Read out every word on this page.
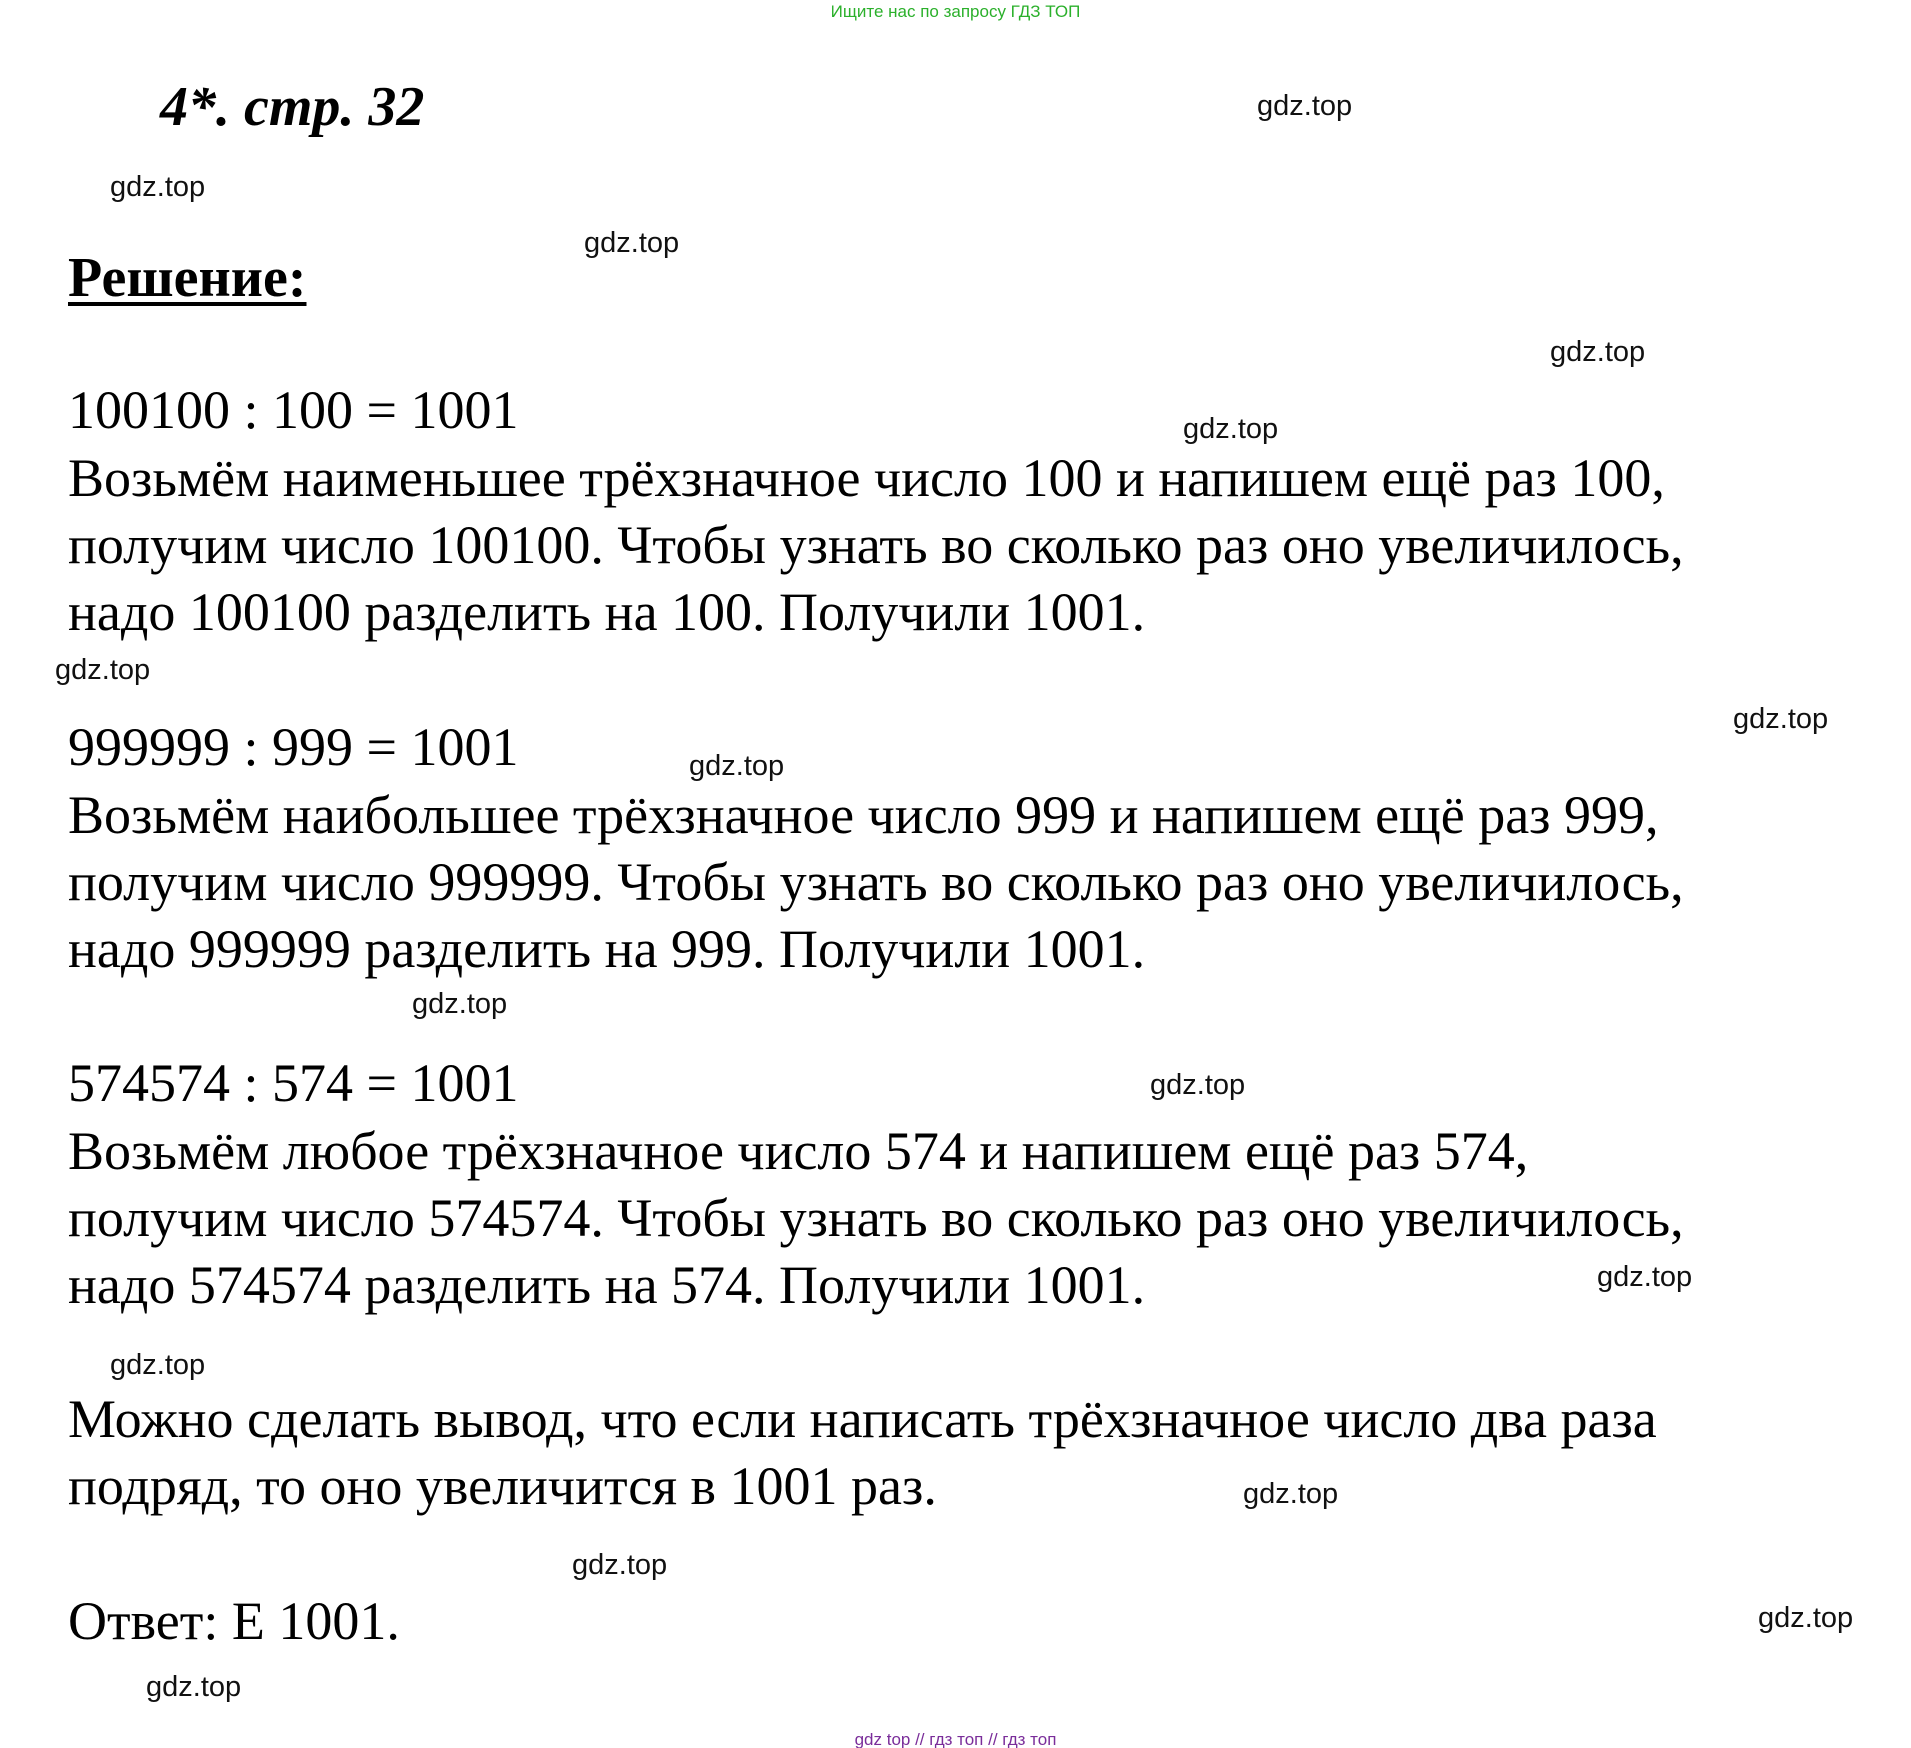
Ищите нас по запросу ГДЗ ТОП
4*. стр. 32
Решение:
100100 : 100 = 1001
Возьмём наименьшее трёхзначное число 100 и напишем ещё раз 100,
получим число 100100. Чтобы узнать во сколько раз оно увеличилось,
надо 100100 разделить на 100. Получили 1001.
999999 : 999 = 1001
Возьмём наибольшее трёхзначное число 999 и напишем ещё раз 999,
получим число 999999. Чтобы узнать во сколько раз оно увеличилось,
надо 999999 разделить на 999. Получили 1001.
574574 : 574 = 1001
Возьмём любое трёхзначное число 574 и напишем ещё раз 574,
получим число 574574. Чтобы узнать во сколько раз оно увеличилось,
надо 574574 разделить на 574. Получили 1001.
Можно сделать вывод, что если написать трёхзначное число два раза
подряд, то оно увеличится в 1001 раз.
Ответ: Е 1001.
gdz.top
gdz.top
gdz.top
gdz.top
gdz.top
gdz.top
gdz.top
gdz.top
gdz.top
gdz.top
gdz.top
gdz.top
gdz.top
gdz.top
gdz.top
gdz.top
gdz top // гдз топ // гдз топ
